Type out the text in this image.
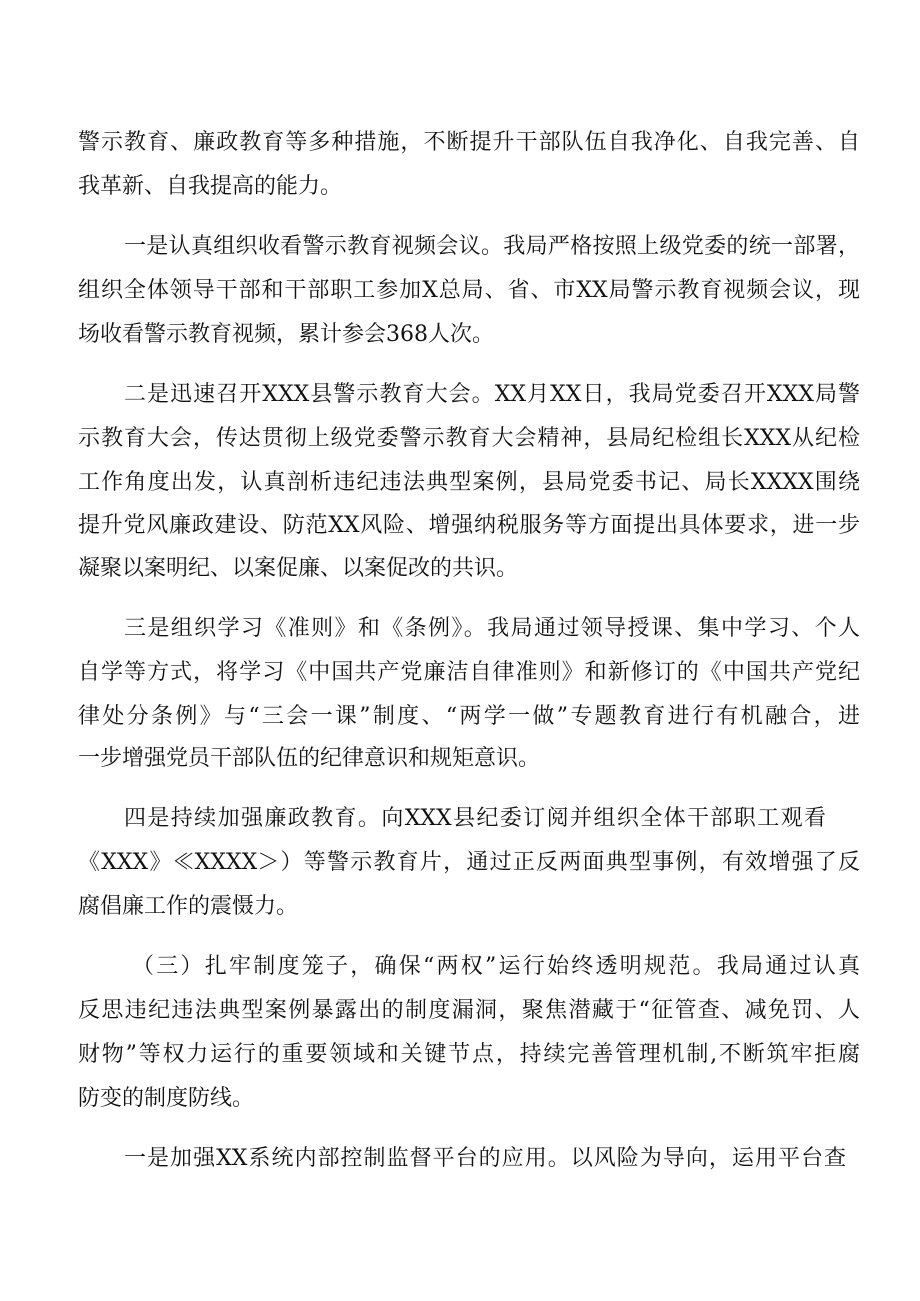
警示教育、廉政教育等多种措施，不断提升干部队伍自我净化、自我完善、自

我革新、自我提高的能力。

一是认真组织收看警示教育视频会议。我局严格按照上级党委的统一部署，

组织全体领导干部和干部职工参加X总局、省、市XX局警示教育视频会议，现

场收看警示教育视频，累计参会368人次。

二是迅速召开XXX县警示教育大会。XX月XX日，我局党委召开XXX局警

示教育大会，传达贯彻上级党委警示教育大会精神，县局纪检组长XXX从纪检

工作角度出发，认真剖析违纪违法典型案例，县局党委书记、局长XXXX围绕

提升党风廉政建设、防范XX风险、增强纳税服务等方面提出具体要求，进一步

凝聚以案明纪、以案促廉、以案促改的共识。

三是组织学习《准则》和《条例》。我局通过领导授课、集中学习、个人

自学等方式，将学习《中国共产党廉洁自律准则》和新修订的《中国共产党纪

律处分条例》与“三会一课”制度、“两学一做”专题教育进行有机融合，进

一步增强党员干部队伍的纪律意识和规矩意识。

四是持续加强廉政教育。向XXX县纪委订阅并组织全体干部职工观看

《XXX》≪XXXX＞）等警示教育片，通过正反两面典型事例，有效增强了反

腐倡廉工作的震慑力。

（三）扎牢制度笼子，确保“两权”运行始终透明规范。我局通过认真

反思违纪违法典型案例暴露出的制度漏洞，聚焦潜藏于“征管查、减免罚、人

财物”等权力运行的重要领域和关键节点，持续完善管理机制,不断筑牢拒腐

防变的制度防线。

一是加强XX系统内部控制监督平台的应用。以风险为导向，运用平台查
